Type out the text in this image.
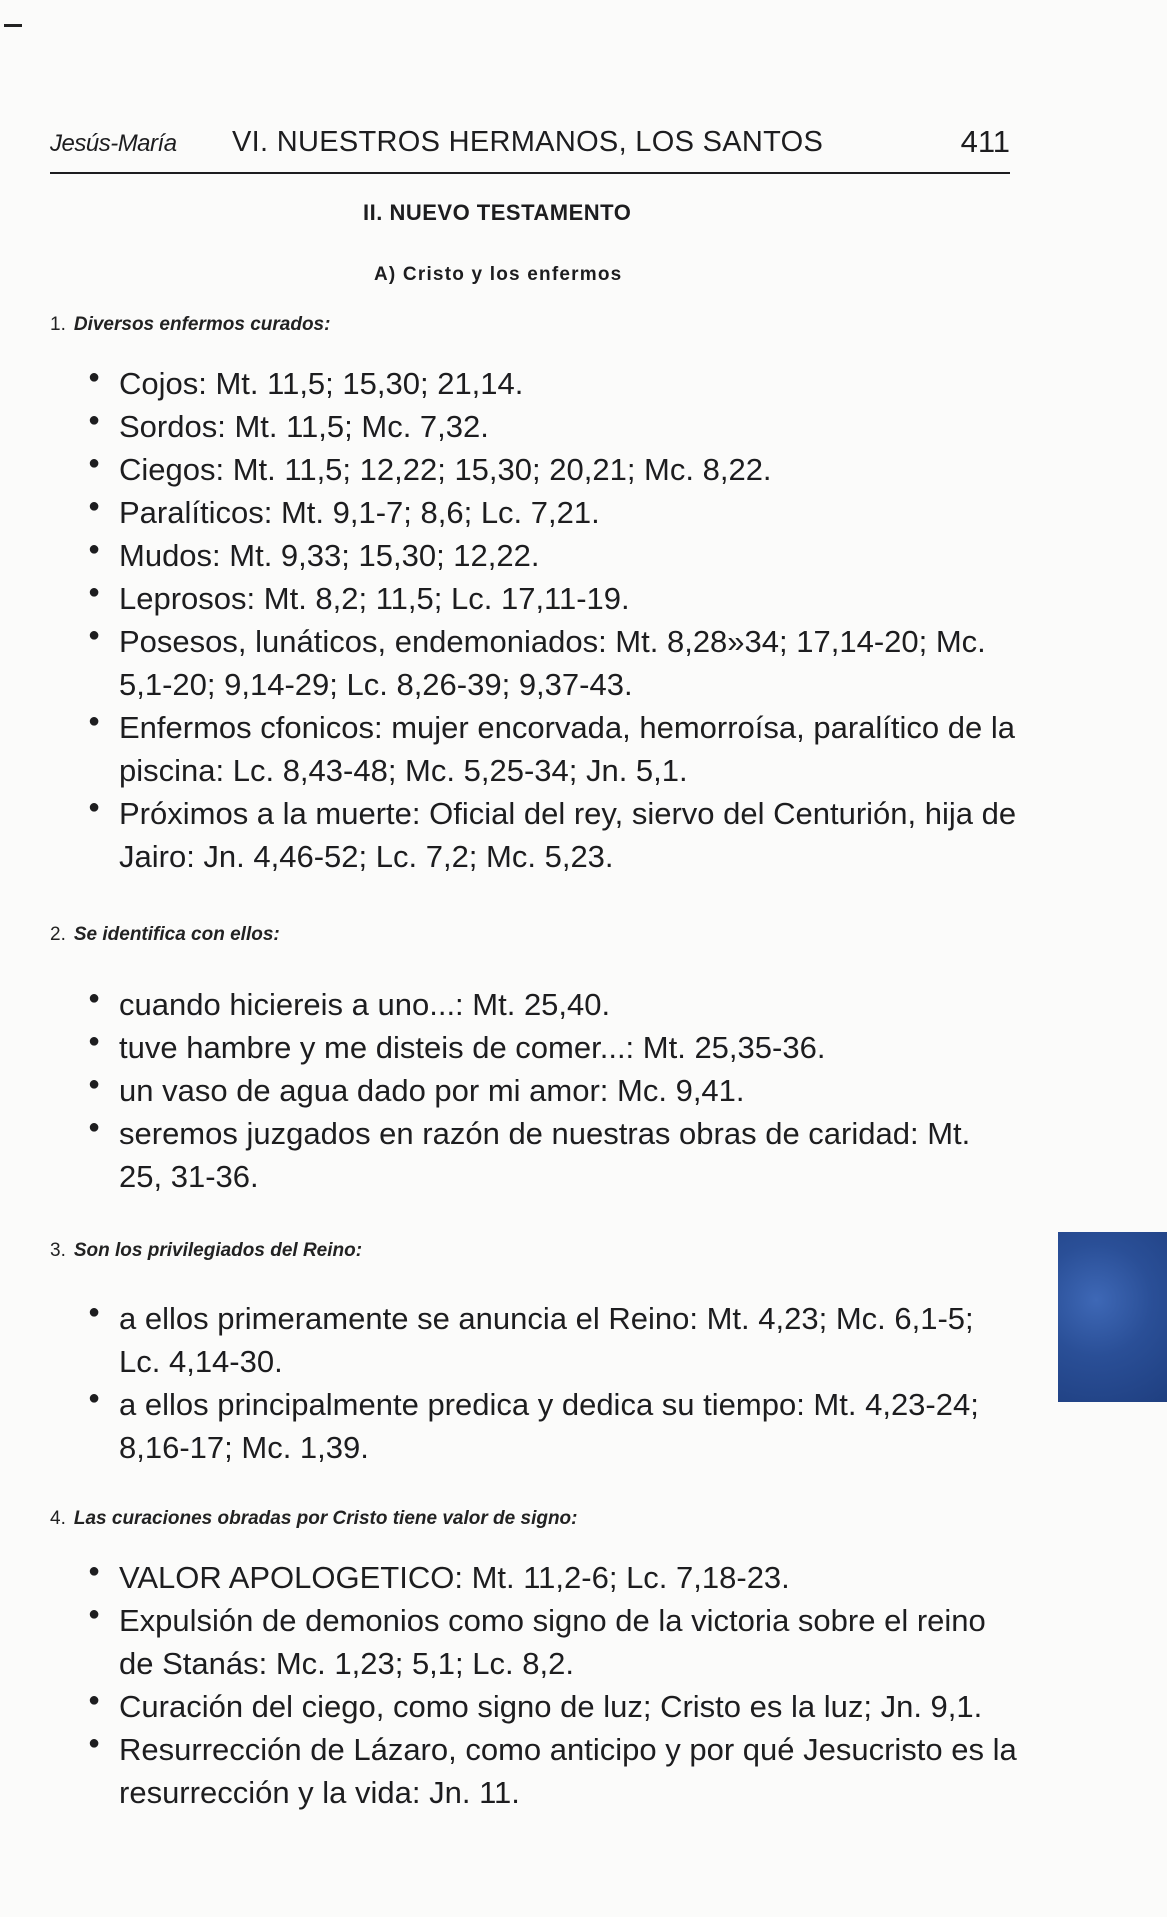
Jesús-María VI. NUESTROS HERMANOS, LOS SANTOS	411
II. NUEVO TESTAMENTO
A) Cristo y los enfermos
1. Diversos enfermos curados:
● Cojos: Mt. 11,5; 15,30; 21,14.
● Sordos: Mt. 11,5; Mc. 7,32.
● Ciegos: Mt. 11,5; 12,22; 15,30; 20,21; Mc. 8,22.
● Paralíticos: Mt. 9,1-7; 8,6; Lc. 7,21.
● Mudos: Mt. 9,33; 15,30; 12,22.
● Leprosos: Mt. 8,2; 11,5; Lc. 17,11-19.
● Posesos, lunáticos, endemoniados: Mt. 8,28»34; 17,14-20; Mc. 5,1-20; 9,14-29; Lc. 8,26-39; 9,37-43.
● Enfermos cfonicos: mujer encorvada, hemorroísa, paralítico de la piscina: Lc. 8,43-48; Mc. 5,25-34; Jn. 5,1.
● Próximos a la muerte: Oficial del rey, siervo del Centurión, hija de Jairo: Jn. 4,46-52; Lc. 7,2; Mc. 5,23.
2. Se identifica con ellos:
● cuando hiciereis a uno...: Mt. 25,40.
● tuve hambre y me disteis de comer...: Mt. 25,35-36.
● un vaso de agua dado por mi amor: Mc. 9,41.
● seremos juzgados en razón de nuestras obras de caridad: Mt. 25, 31-36.
3. Son los privilegiados del Reino:
● a ellos primeramente se anuncia el Reino: Mt. 4,23; Mc. 6,1-5; Lc. 4,14-30.
● a ellos principalmente predica y dedica su tiempo: Mt. 4,23-24; 8,16-17; Mc. 1,39.
4. Las curaciones obradas por Cristo tiene valor de signo:
● VALOR APOLOGETICO: Mt. 11,2-6; Lc. 7,18-23.
● Expulsión de demonios como signo de la victoria sobre el reino de Stanás: Mc. 1,23; 5,1; Lc. 8,2.
● Curación del ciego, como signo de luz; Cristo es la luz; Jn. 9,1.
● Resurrección de Lázaro, como anticipo y por qué Jesucristo es la resurrección y la vida: Jn. 11.
